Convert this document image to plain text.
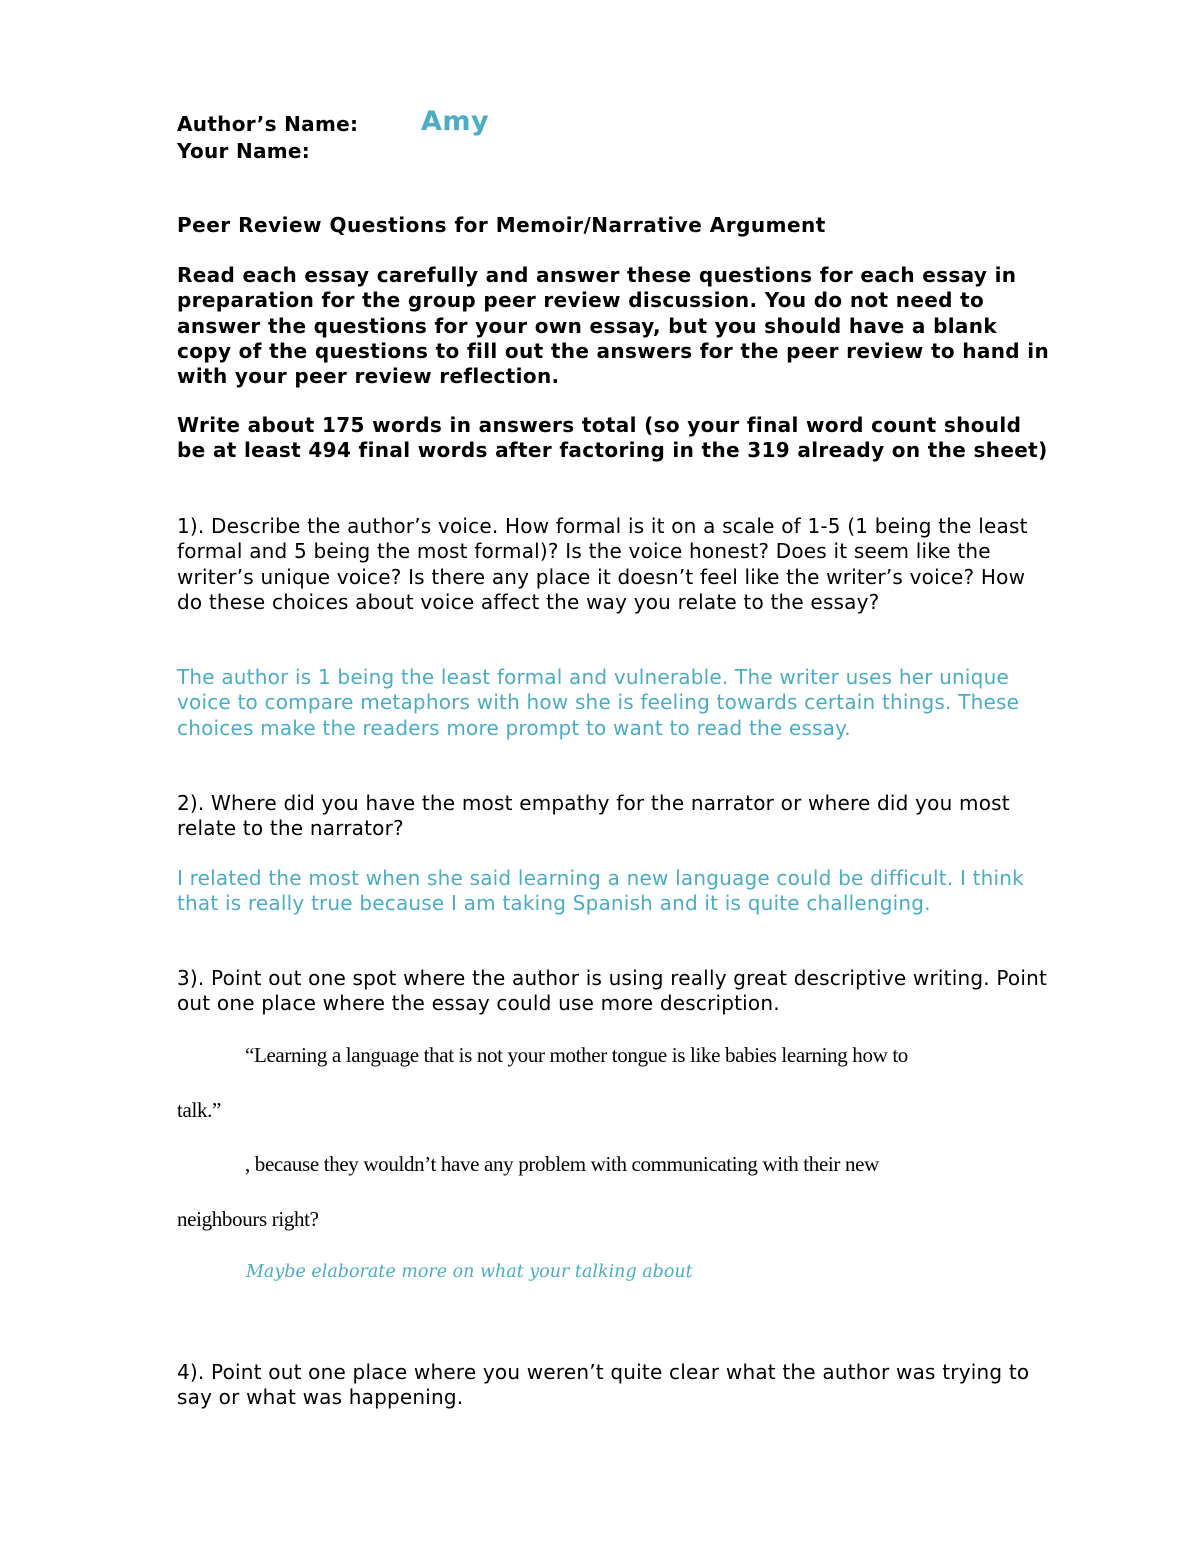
Author’s Name: Amy
Your Name:
Peer Review Questions for Memoir/Narrative Argument

Read each essay carefully and answer these questions for each essay in preparation for the group peer review discussion. You do not need to answer the questions for your own essay, but you should have a blank copy of the questions to fill out the answers for the peer review to hand in with your peer review reflection.

Write about 175 words in answers total (so your final word count should be at least 494 final words after factoring in the 319 already on the sheet)

1). Describe the author’s voice. How formal is it on a scale of 1-5 (1 being the least formal and 5 being the most formal)? Is the voice honest? Does it seem like the writer’s unique voice? Is there any place it doesn’t feel like the writer’s voice? How do these choices about voice affect the way you relate to the essay?

The author is 1 being the least formal and vulnerable. The writer uses her unique voice to compare metaphors with how she is feeling towards certain things. These choices make the readers more prompt to want to read the essay.

2). Where did you have the most empathy for the narrator or where did you most relate to the narrator?

I related the most when she said learning a new language could be difficult. I think that is really true because I am taking Spanish and it is quite challenging.

3). Point out one spot where the author is using really great descriptive writing. Point out one place where the essay could use more description.

“Learning a language that is not your mother tongue is like babies learning how to
talk.”
, because they wouldn’t have any problem with communicating with their new
neighbours right?
Maybe elaborate more on what your talking about

4). Point out one place where you weren’t quite clear what the author was trying to say or what was happening.
